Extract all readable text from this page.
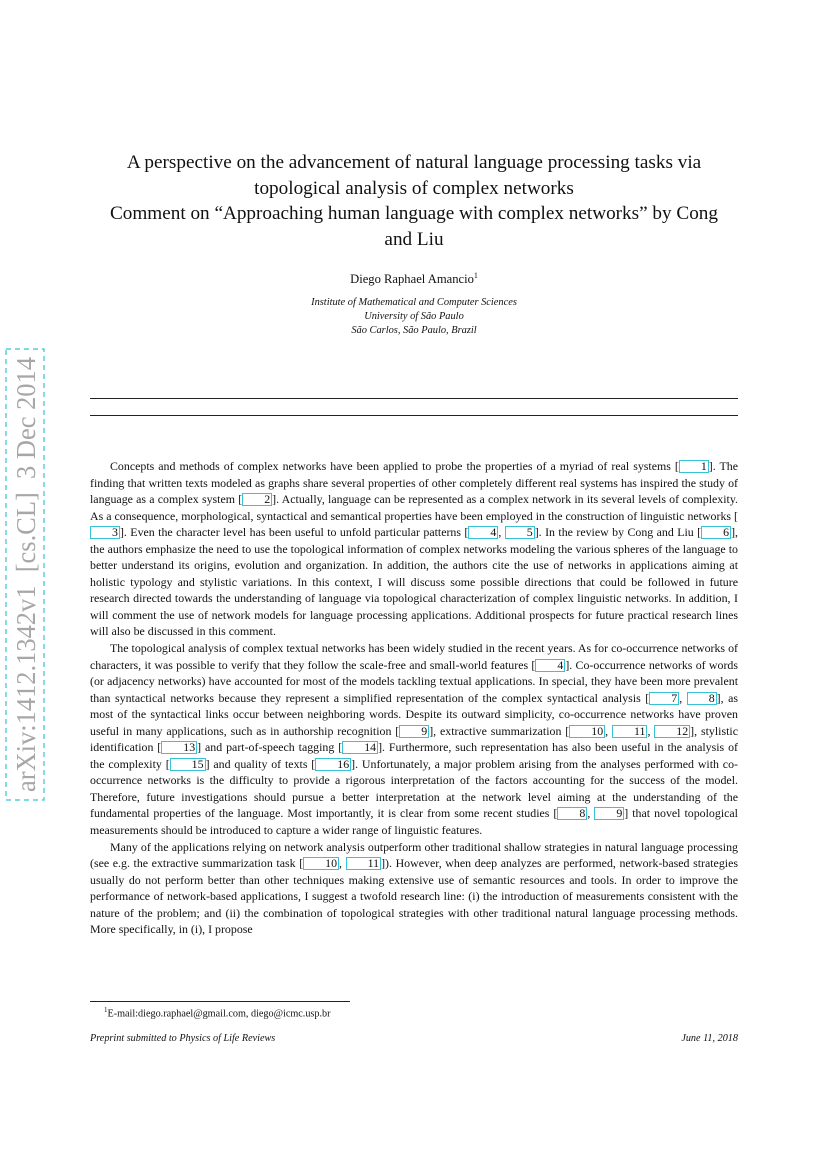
arXiv:1412.1342v1  [cs.CL]  3 Dec 2014
A perspective on the advancement of natural language processing tasks via
topological analysis of complex networks
Comment on “Approaching human language with complex networks” by Cong
and Liu
Diego Raphael Amancio$^1$
Institute of Mathematical and Computer Sciences
University of São Paulo
São Carlos, São Paulo, Brazil

Concepts and methods of complex networks have been applied to probe the properties of a myriad of real systems [ 1 ]. The finding that written texts modeled as graphs share several properties of other completely different real systems has inspired the study of language as a complex system [ 2 ]. Actually, language can be represented as a complex network in its several levels of complexity. As a consequence, morphological, syntactical and semantical properties have been employed in the construction of linguistic networks [3 ]. Even the character level has been useful to unfold particular patterns [ 4 , 5 ]. In the review by Cong and Liu [ 6 ], the authors emphasize the need to use the topological information of complex networks modeling the various spheres of the language to better understand its origins, evolution and organization. In addition, the authors cite the use of networks in applications aiming at holistic typology and stylistic variations. In this context, I will discuss some possible directions that could be followed in future research directed towards the understanding of language via topological characterization of complex linguistic networks. In addition, I will comment the use of network models for language processing applications. Additional prospects for future practical research lines will also be discussed in this comment.

The topological analysis of complex textual networks has been widely studied in the recent years. As for co-occurrence networks of characters, it was possible to verify that they follow the scale-free and small-world features [ 4 ]. Co-occurrence networks of words (or adjacency networks) have accounted for most of the models tackling textual applications. In special, they have been more prevalent than syntactical networks because they represent a simplified representation of the complex syntactical analysis [ 7 , 8 ], as most of the syntactical links occur between neighboring words. Despite its outward simplicity, co-occurrence networks have proven useful in many applications, such as in authorship recognition [ 9 ], extractive summarization [ 10 , 11 , 12 ], stylistic identification [ 13 ] and part-of-speech tagging [ 14 ]. Furthermore, such representation has also been useful in the analysis of the complexity [ 15 ] and quality of texts [ 16 ]. Unfortunately, a major problem arising from the analyses performed with co-occurrence networks is the difficulty to provide a rigorous interpretation of the factors accounting for the success of the model. Therefore, future investigations should pursue a better interpretation at the network level aiming at the understanding of the fundamental properties of the language. Most importantly, it is clear from some recent studies [ 8 , 9 ] that novel topological measurements should be introduced to capture a wider range of linguistic features.

Many of the applications relying on network analysis outperform other traditional shallow strategies in natural language processing (see e.g. the extractive summarization task [ 10 , 11 ]). However, when deep analyzes are performed, network-based strategies usually do not perform better than other techniques making extensive use of semantic resources and tools. In order to improve the performance of network-based applications, I suggest a twofold research line: (i) the introduction of measurements consistent with the nature of the problem; and (ii) the combination of topological strategies with other traditional natural language processing methods. More specifically, in (i), I propose

$^1$E-mail:diego.raphael@gmail.com, diego@icmc.usp.br
Preprint submitted to Physics of Life Reviews	June 11, 2018
